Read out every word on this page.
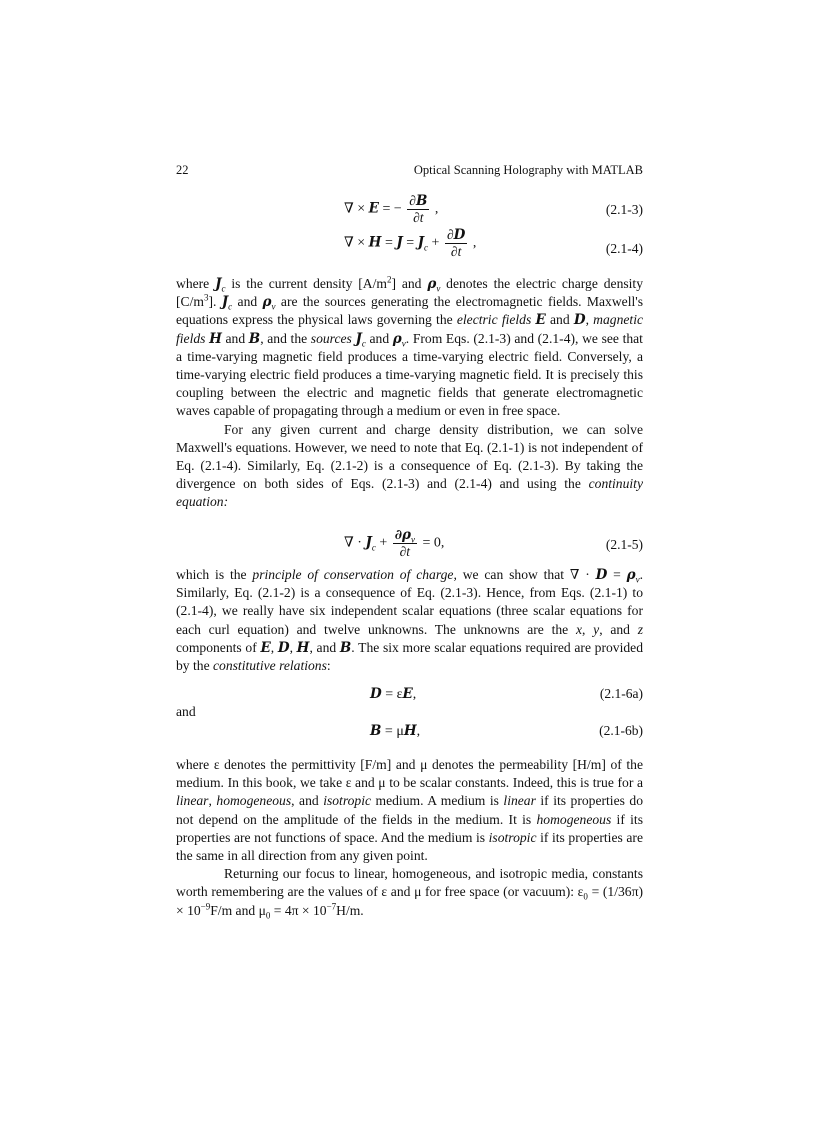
22	Optical Scanning Holography with MATLAB
∇ × E = − $\frac{\partial B}{\partial t}$ ,	(2.1-3)
∇ × $H = J = J_c + \frac{\partial D}{\partial t}$ ,	(2.1-4)

where $J_c$ is the current density $[A/m^2]$ and $\rho_v$ denotes the electric charge density $[C/m^3]$. $J_c$ and $\rho_v$ are the sources generating the electromagnetic fields. Maxwell's equations express the physical laws governing the electric fields E and D, magnetic fields H and B, and the sources $J_c$ and $\rho_v$. From Eqs. (2.1-3) and (2.1-4), we see that a time-varying magnetic field produces a time-varying electric field. Conversely, a time-varying electric field produces a time-varying magnetic field. It is precisely this coupling between the electric and magnetic fields that generate electromagnetic waves capable of propagating through a medium or even in free space.

For any given current and charge density distribution, we can solve Maxwell's equations. However, we need to note that Eq. (2.1-1) is not independent of Eq. (2.1-4). Similarly, Eq. (2.1-2) is a consequence of Eq. (2.1-3). By taking the divergence on both sides of Eqs. (2.1-3) and (2.1-4) and using the continuity equation:

∇ · $J_c + \frac{\partial\rho_v}{\partial t} = 0$,	(2.1-5)

which is the principle of conservation of charge, we can show that ∇ · $D = \rho_v$. Similarly, Eq. (2.1-2) is a consequence of Eq. (2.1-3). Hence, from Eqs. (2.1-1) to (2.1-4), we really have six independent scalar equations (three scalar equations for each curl equation) and twelve unknowns. The unknowns are the x, y, and z components of E, D, H, and B. The six more scalar equations required are provided by the constitutive relations:

D = εE,	(2.1-6a)
and
B = μH,	(2.1-6b)

where ε denotes the permittivity [F/m] and μ denotes the permeability [H/m] of the medium. In this book, we take ε and μ to be scalar constants. Indeed, this is true for a linear, homogeneous, and isotropic medium. A medium is linear if its properties do not depend on the amplitude of the fields in the medium. It is homogeneous if its properties are not functions of space. And the medium is isotropic if its properties are the same in all direction from any given point.

Returning our focus to linear, homogeneous, and isotropic media, constants worth remembering are the values of ε and μ for free space (or vacuum): $\varepsilon_0 = (1/36\pi) \times 10^{-9}F/m$ and $\mu_0 = 4\pi \times 10^{-7}H/m$.
